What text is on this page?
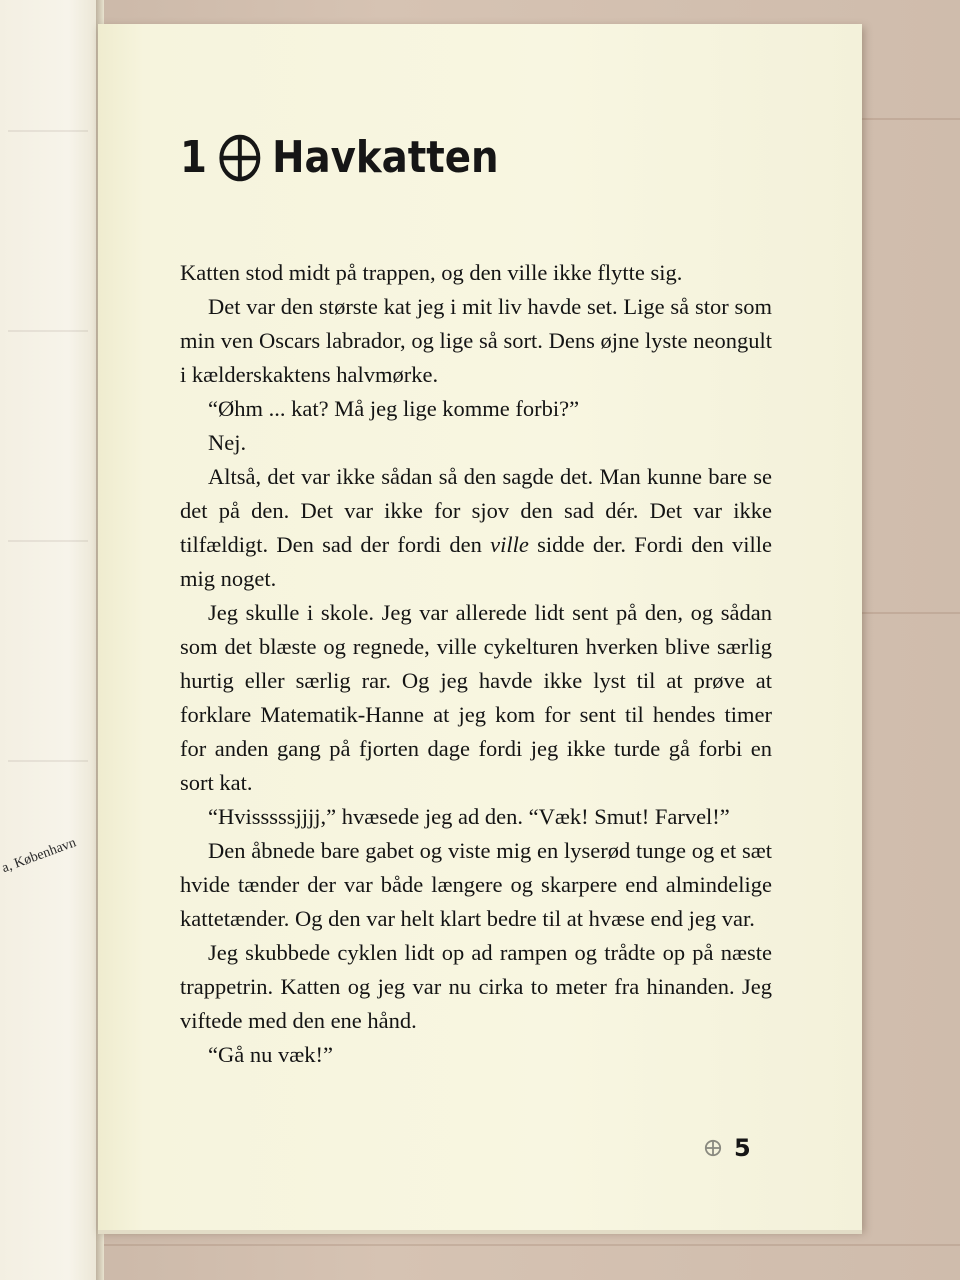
a, København
1 Havkatten

Katten stod midt på trappen, og den ville ikke flytte sig.

Det var den største kat jeg i mit liv havde set. Lige så stor som min ven Oscars labrador, og lige så sort. Dens øjne lyste neongult i kælderskaktens halvmørke.

“Øhm ... kat? Må jeg lige komme forbi?”

Nej.

Altså, det var ikke sådan så den sagde det. Man kunne bare se det på den. Det var ikke for sjov den sad dér. Det var ikke tilfældigt. Den sad der fordi den ville sidde der. Fordi den ville mig noget.

Jeg skulle i skole. Jeg var allerede lidt sent på den, og sådan som det blæste og regnede, ville cykelturen hverken blive særlig hurtig eller særlig rar. Og jeg havde ikke lyst til at prøve at forklare Matematik-Hanne at jeg kom for sent til hendes timer for anden gang på fjorten dage fordi jeg ikke turde gå forbi en sort kat.

“Hvisssssjjjj,” hvæsede jeg ad den. “Væk! Smut! Farvel!”

Den åbnede bare gabet og viste mig en lyserød tunge og et sæt hvide tænder der var både længere og skarpere end almindelige kattetænder. Og den var helt klart bedre til at hvæse end jeg var.

Jeg skubbede cyklen lidt op ad rampen og trådte op på næste trappetrin. Katten og jeg var nu cirka to meter fra hinanden. Jeg viftede med den ene hånd.

“Gå nu væk!”

5
